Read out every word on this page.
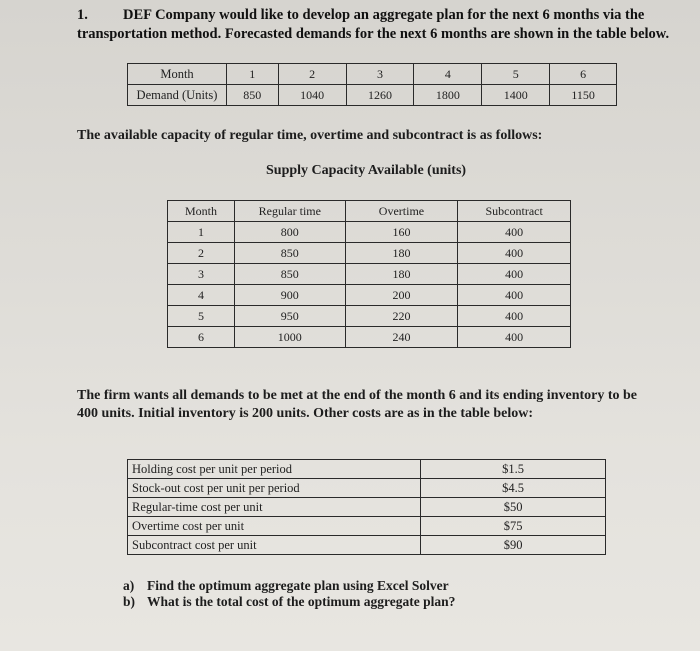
1. DEF Company would like to develop an aggregate plan for the next 6 months via the
transportation method. Forecasted demands for the next 6 months are shown in the table below.
Month	1	2	3	4	5	6
Demand (Units)	850	1040	1260	1800	1400	1150
The available capacity of regular time, overtime and subcontract is as follows:
Supply Capacity Available (units)
Month	Regular time	Overtime	Subcontract
1	800	160	400
2	850	180	400
3	850	180	400
4	900	200	400
5	950	220	400
6	1000	240	400
The firm wants all demands to be met at the end of the month 6 and its ending inventory to be
400 units. Initial inventory is 200 units. Other costs are as in the table below:
Holding cost per unit per period	$1.5
Stock-out cost per unit per period	$4.5
Regular-time cost per unit	$50
Overtime cost per unit	$75
Subcontract cost per unit	$90
a) Find the optimum aggregate plan using Excel Solver
b) What is the total cost of the optimum aggregate plan?
